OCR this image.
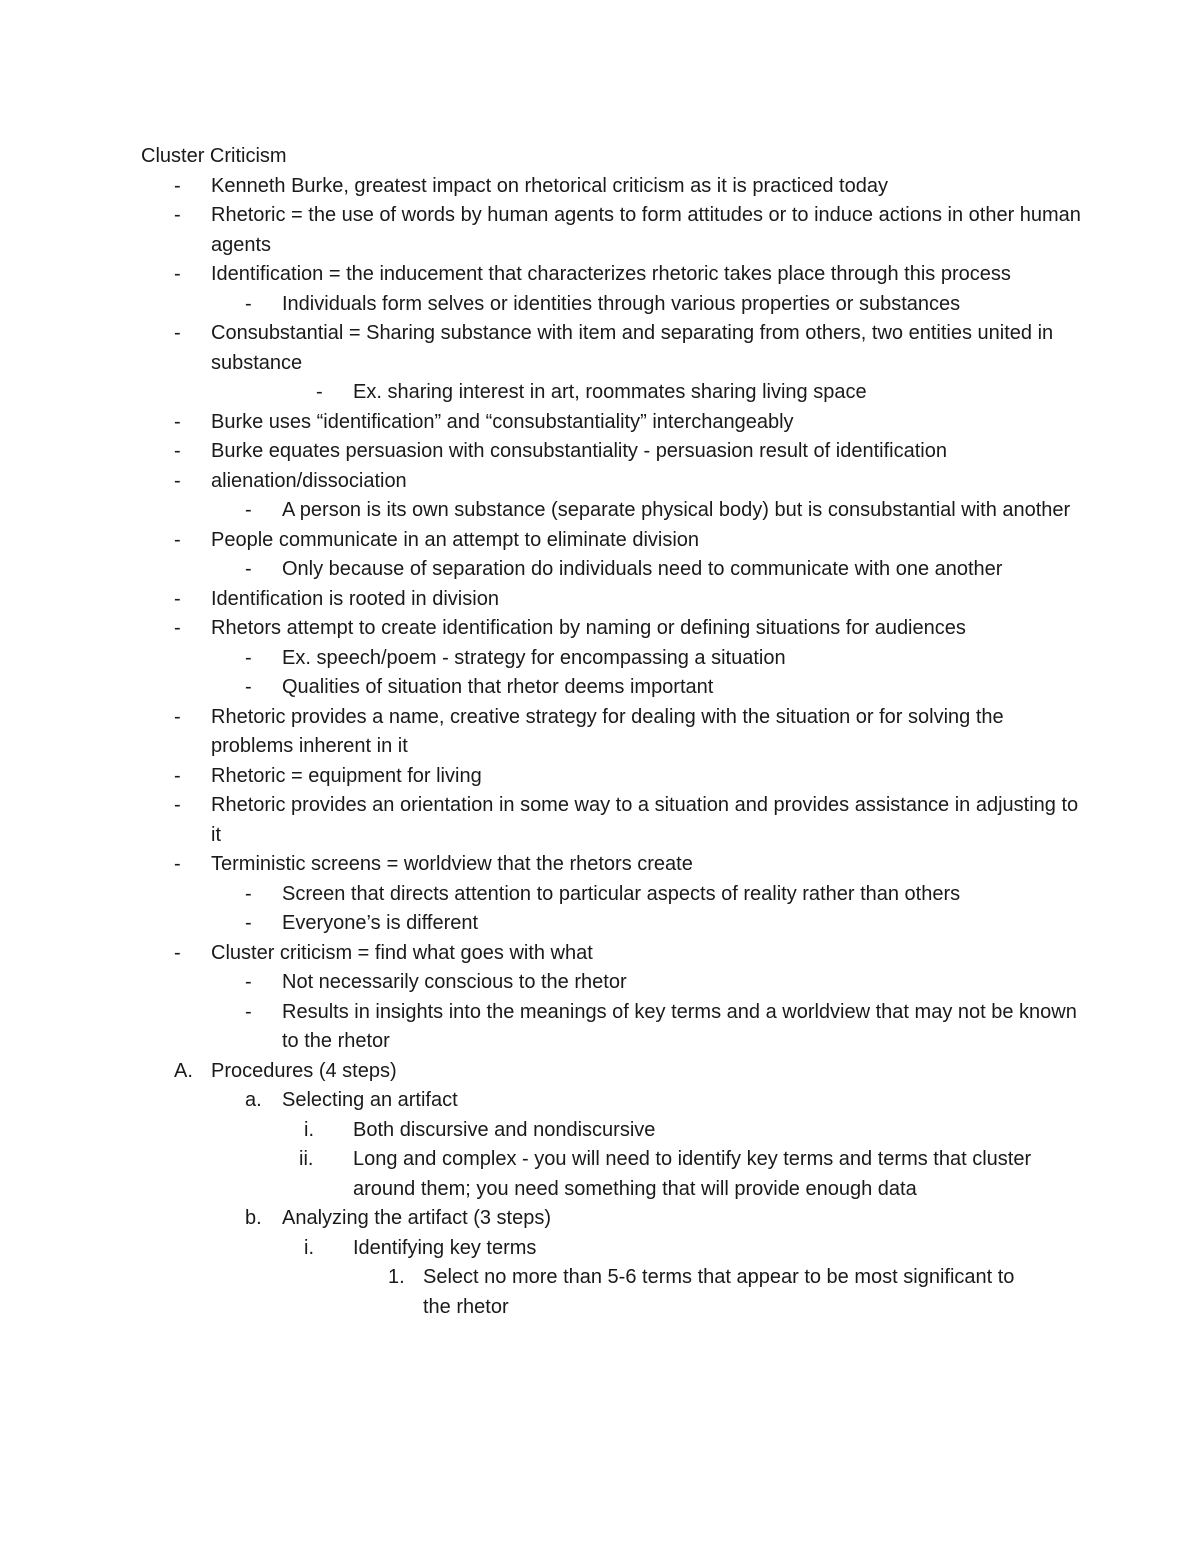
Cluster Criticism
- Kenneth Burke, greatest impact on rhetorical criticism as it is practiced today
- Rhetoric = the use of words by human agents to form attitudes or to induce actions in other human agents
- Identification = the inducement that characterizes rhetoric takes place through this process
- Individuals form selves or identities through various properties or substances
- Consubstantial = Sharing substance with item and separating from others, two entities united in substance
- Ex. sharing interest in art, roommates sharing living space
- Burke uses “identification” and “consubstantiality” interchangeably
- Burke equates persuasion with consubstantiality - persuasion result of identification
- alienation/dissociation
- A person is its own substance (separate physical body) but is consubstantial with another
- People communicate in an attempt to eliminate division
- Only because of separation do individuals need to communicate with one another
- Identification is rooted in division
- Rhetors attempt to create identification by naming or defining situations for audiences
- Ex. speech/poem - strategy for encompassing a situation
- Qualities of situation that rhetor deems important
- Rhetoric provides a name, creative strategy for dealing with the situation or for solving the problems inherent in it
- Rhetoric = equipment for living
- Rhetoric provides an orientation in some way to a situation and provides assistance in adjusting to it
- Terministic screens = worldview that the rhetors create
- Screen that directs attention to particular aspects of reality rather than others
- Everyone’s is different
- Cluster criticism = find what goes with what
- Not necessarily conscious to the rhetor
- Results in insights into the meanings of key terms and a worldview that may not be known to the rhetor
A. Procedures (4 steps)
a. Selecting an artifact
i. Both discursive and nondiscursive
ii. Long and complex - you will need to identify key terms and terms that cluster around them; you need something that will provide enough data
b. Analyzing the artifact (3 steps)
i. Identifying key terms
1. Select no more than 5-6 terms that appear to be most significant to the rhetor
